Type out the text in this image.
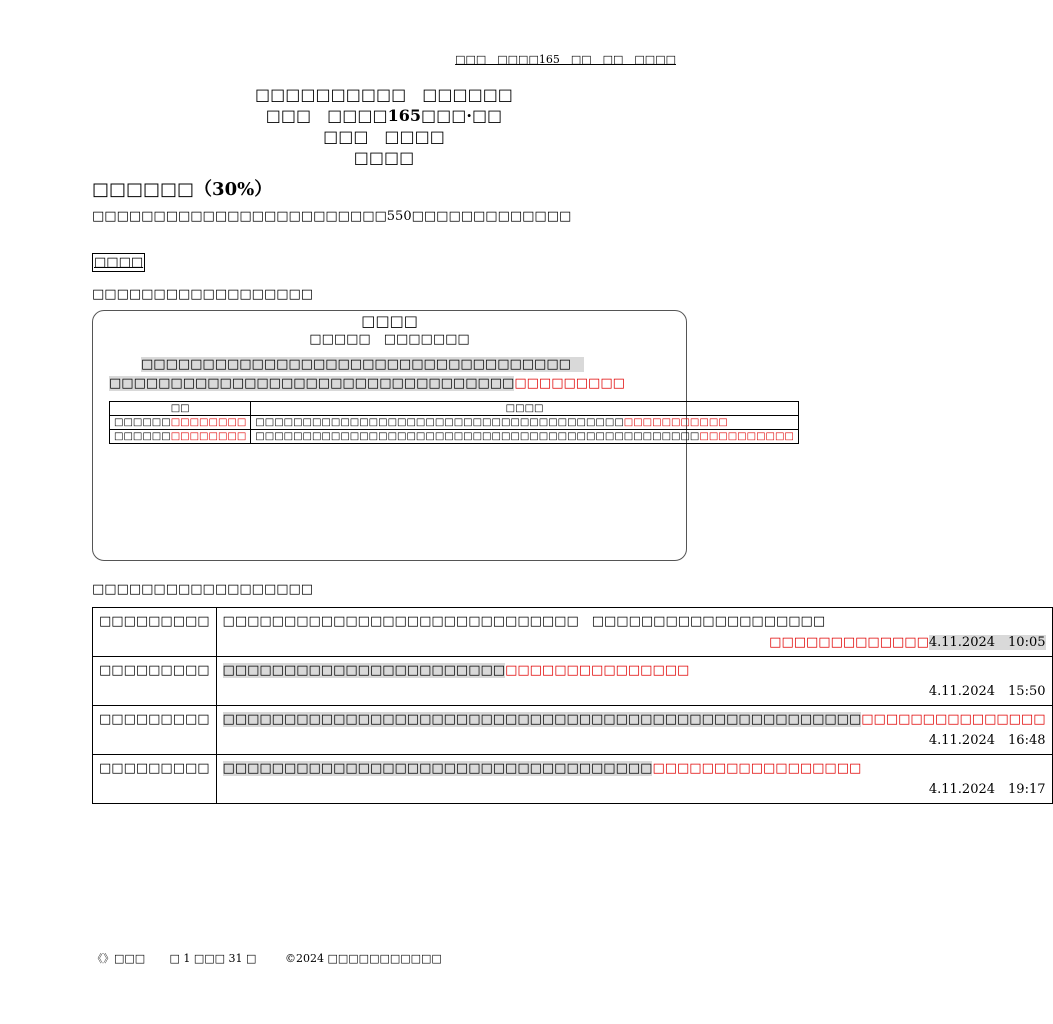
□□□　□□□□165　□□　□□　□□□□
□□□□□□□□□□　□□□□□□
□□□　□□□□165□□□·□□
□□□　□□□□
□□□□
□□□□□□（30%）
□□□□□□□□□□□□□□□□□□□□□□□□550□□□□□□□□□□□□□
□□□□
□□□□□□□□□□□□□□□□□□
□□□□
□□□□□　□□□□□□□
□□□□□□□□□□□□□□□□□□□□□□□□□□□□□□□□□□□　□□□□□□□□□□□□□□□□□□□□□□□□□□□□□□□□□□□□□□□□□□
□□	□□□□
□□□□□□□□□□□□□□	□□□□□□□□□□□□□□□□□□□□□□□□□□□□□□□□□□□□□□□□□□□□□□□□□□
□□□□□□□□□□□□□□	□□□□□□□□□□□□□□□□□□□□□□□□□□□□□□□□□□□□□□□□□□□□□□□□□□□□□□□□□
□□□□□□□□□□□□□□□□□□
□□□□□□□□□	□□□□□□□□□□□□□□□□□□□□□□□□□□□□□　□□□□□□□□□□□□□□□□□□□
□□□□□□□□□□□□□4.11.2024　10:05

□□□□□□□□□	□□□□□□□□□□□□□□□□□□□□□□□□□□□□□□□□□□□□□□
4.11.2024　15:50

□□□□□□□□□	□□□□□□□□□□□□□□□□□□□□□□□□□□□□□□□□□□□□□□□□□□□□□□□□□□□□□□□□□□□□□□□□□□□
4.11.2024　16:48

□□□□□□□□□	□□□□□□□□□□□□□□□□□□□□□□□□□□□□□□□□□□□□□□□□□□□□□□□□□□□□
4.11.2024　19:17
《》□□□ □ 1 □□□ 31 □	©2024 □□□□□□□□□□□
